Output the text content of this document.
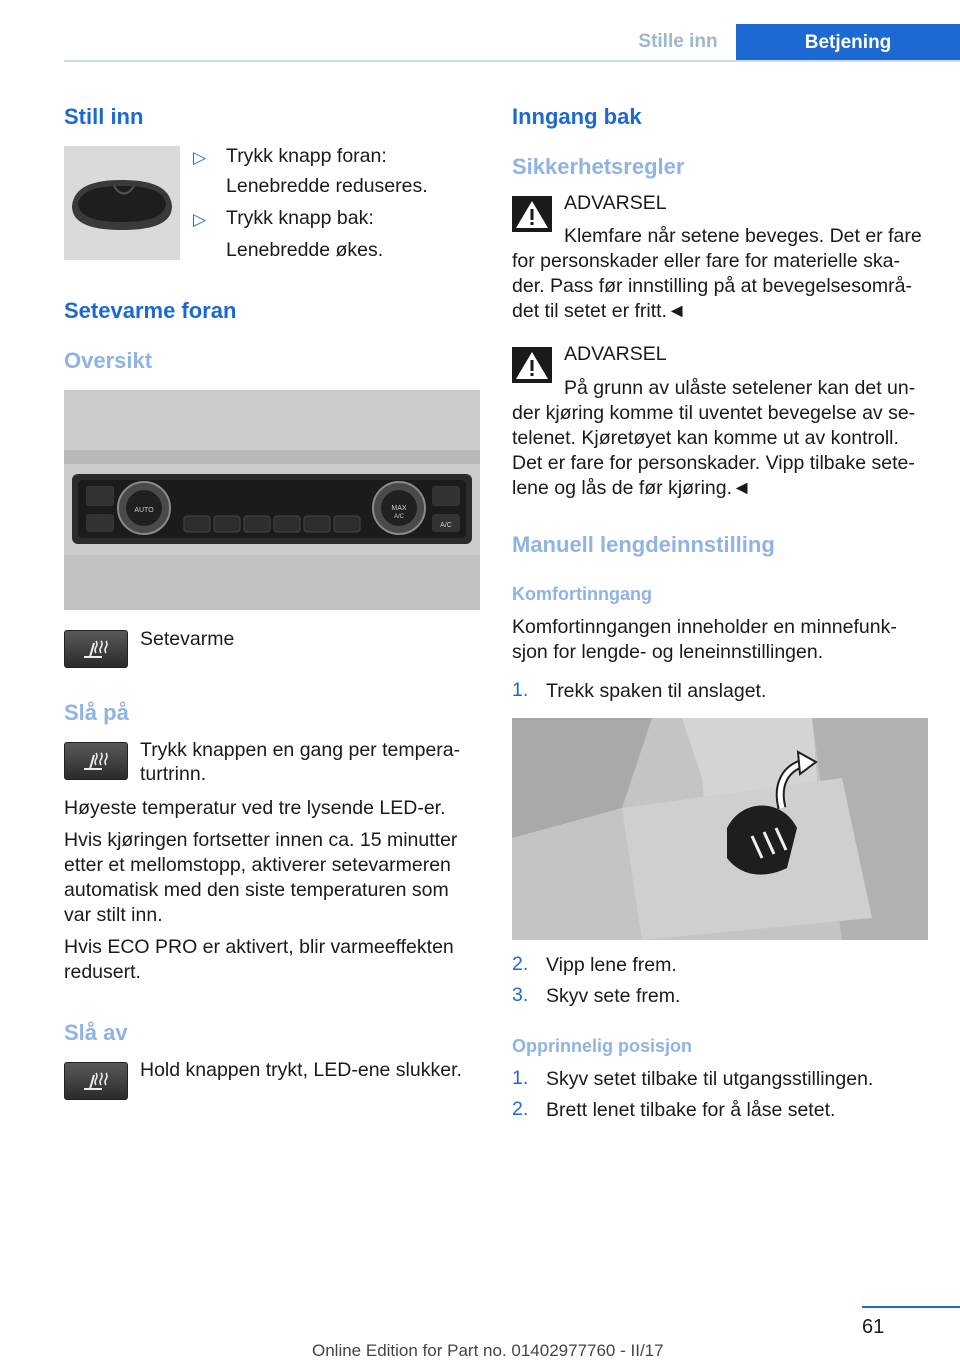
Stille inn	Betjening
Still inn
▷ Trykk knapp foran:
Lenebredde reduseres.
▷ Trykk knapp bak:
Lenebredde økes.
Setevarme foran
Oversikt
AUTO	MAX
A/C
A/C
Setevarme
Slå på
Trykk knappen en gang per tempera‐
turtrinn.
Høyeste temperatur ved tre lysende LED-er.
Hvis kjøringen fortsetter innen ca. 15 minutter
etter et mellomstopp, aktiverer setevarmeren
automatisk med den siste temperaturen som
var stilt inn.
Hvis ECO PRO er aktivert, blir varmeeffekten
redusert.
Slå av
Hold knappen trykt, LED-ene slukker.
Inngang bak
Sikkerhetsregler
ADVARSEL
Klemfare når setene beveges. Det er fare
for personskader eller fare for materielle ska‐
der. Pass før innstilling på at bevegelsesområ‐
det til setet er fritt.◄
ADVARSEL
På grunn av ulåste setelener kan det un‐
der kjøring komme til uventet bevegelse av se‐
telenet. Kjøretøyet kan komme ut av kontroll.
Det er fare for personskader. Vipp tilbake sete‐
lene og lås de før kjøring.◄
Manuell lengdeinnstilling
Komfortinngang
Komfortinngangen inneholder en minnefunk‐
sjon for lengde- og leneinnstillingen.
1. Trekk spaken til anslaget.
2. Vipp lene frem.
3. Skyv sete frem.
Opprinnelig posisjon
1. Skyv setet tilbake til utgangsstillingen.
2. Brett lenet tilbake for å låse setet.
61
Online Edition for Part no. 01402977760 - II/17
